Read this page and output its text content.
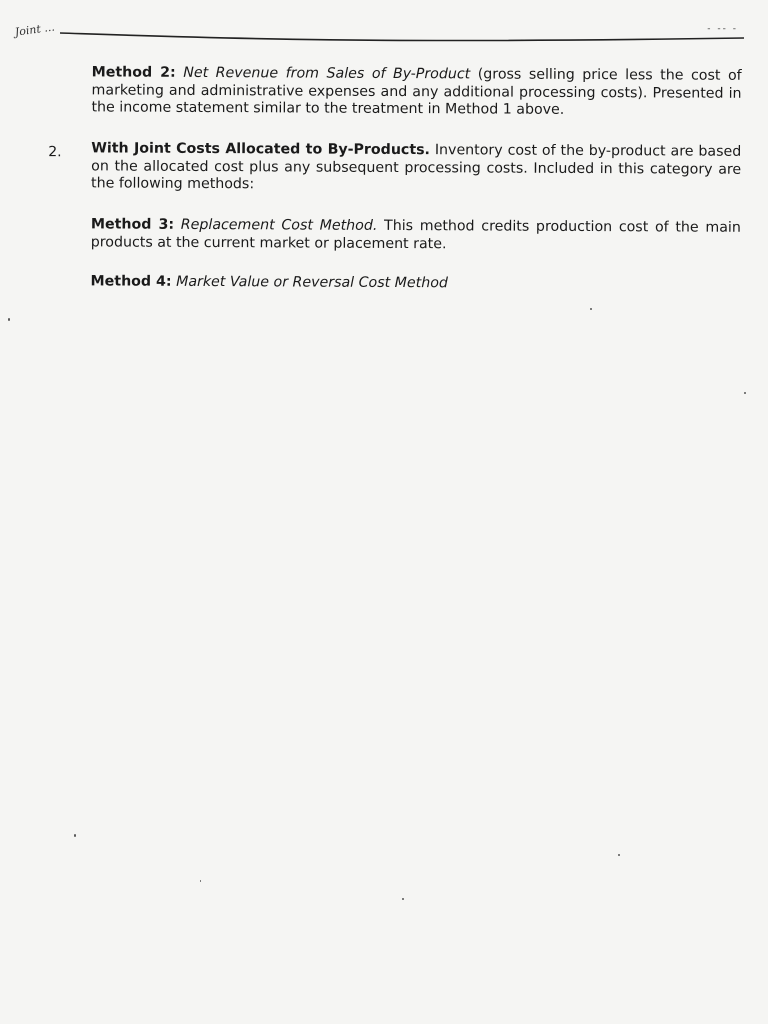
Joint ...	- -- -
Method 2: Net Revenue from Sales of By-Product (gross selling price less the cost of marketing and administrative expenses and any additional processing costs). Presented in the income statement similar to the treatment in Method 1 above.
2. With Joint Costs Allocated to By-Products. Inventory cost of the by-product are based on the allocated cost plus any subsequent processing costs. Included in this category are the following methods:
Method 3: Replacement Cost Method. This method credits production cost of the main products at the current market or placement rate.
Method 4: Market Value or Reversal Cost Method
